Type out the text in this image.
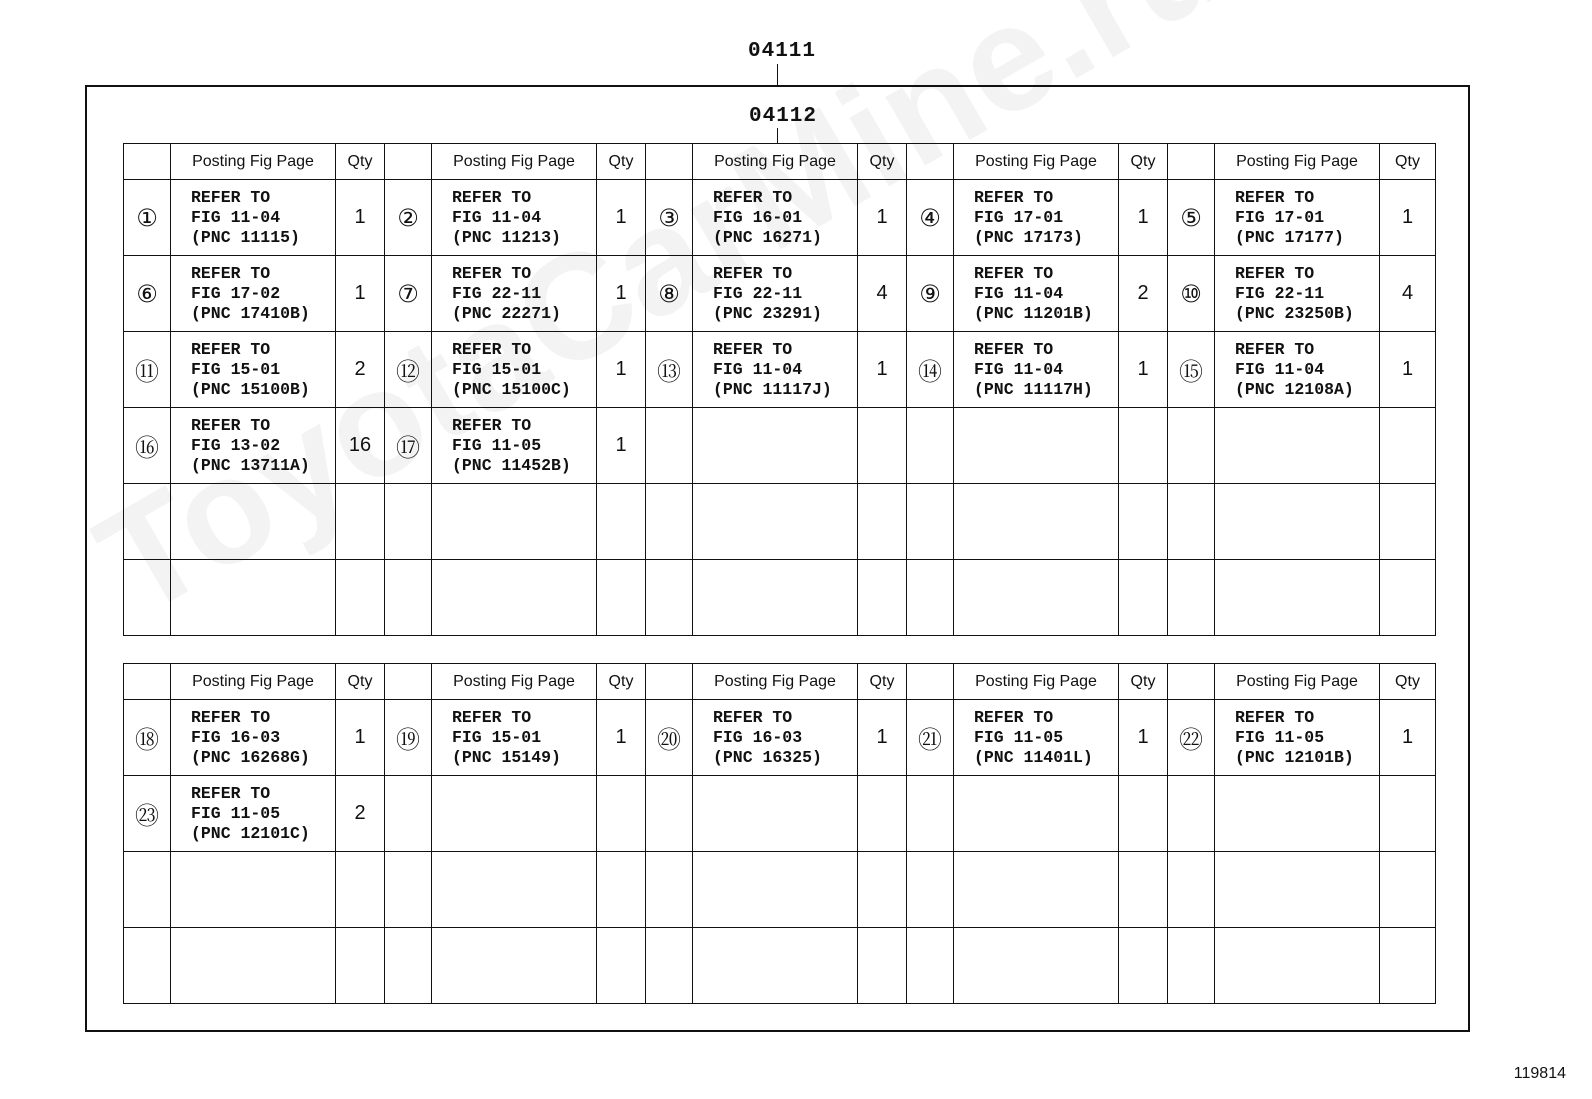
04111
04112
	Posting Fig Page	Qty		Posting Fig Page	Qty		Posting Fig Page	Qty		Posting Fig Page	Qty		Posting Fig Page	Qty
①	REFER TO
FIG 11-04
(PNC 11115)	1	②	REFER TO
FIG 11-04
(PNC 11213)	1	③	REFER TO
FIG 16-01
(PNC 16271)	1	④	REFER TO
FIG 17-01
(PNC 17173)	1	⑤	REFER TO
FIG 17-01
(PNC 17177)	1
⑥	REFER TO
FIG 17-02
(PNC 17410B)	1	⑦	REFER TO
FIG 22-11
(PNC 22271)	1	⑧	REFER TO
FIG 22-11
(PNC 23291)	4	⑨	REFER TO
FIG 11-04
(PNC 11201B)	2	⑩	REFER TO
FIG 22-11
(PNC 23250B)	4
⑪	REFER TO
FIG 15-01
(PNC 15100B)	2	⑫	REFER TO
FIG 15-01
(PNC 15100C)	1	⑬	REFER TO
FIG 11-04
(PNC 11117J)	1	⑭	REFER TO
FIG 11-04
(PNC 11117H)	1	⑮	REFER TO
FIG 11-04
(PNC 12108A)	1
⑯	REFER TO
FIG 13-02
(PNC 13711A)	16	⑰	REFER TO
FIG 11-05
(PNC 11452B)	1									

	Posting Fig Page	Qty		Posting Fig Page	Qty		Posting Fig Page	Qty		Posting Fig Page	Qty		Posting Fig Page	Qty
⑱	REFER TO
FIG 16-03
(PNC 16268G)	1	⑲	REFER TO
FIG 15-01
(PNC 15149)	1	⑳	REFER TO
FIG 16-03
(PNC 16325)	1	㉑	REFER TO
FIG 11-05
(PNC 11401L)	1	㉒	REFER TO
FIG 11-05
(PNC 12101B)	1
㉓	REFER TO
FIG 11-05
(PNC 12101C)	2												

119814
